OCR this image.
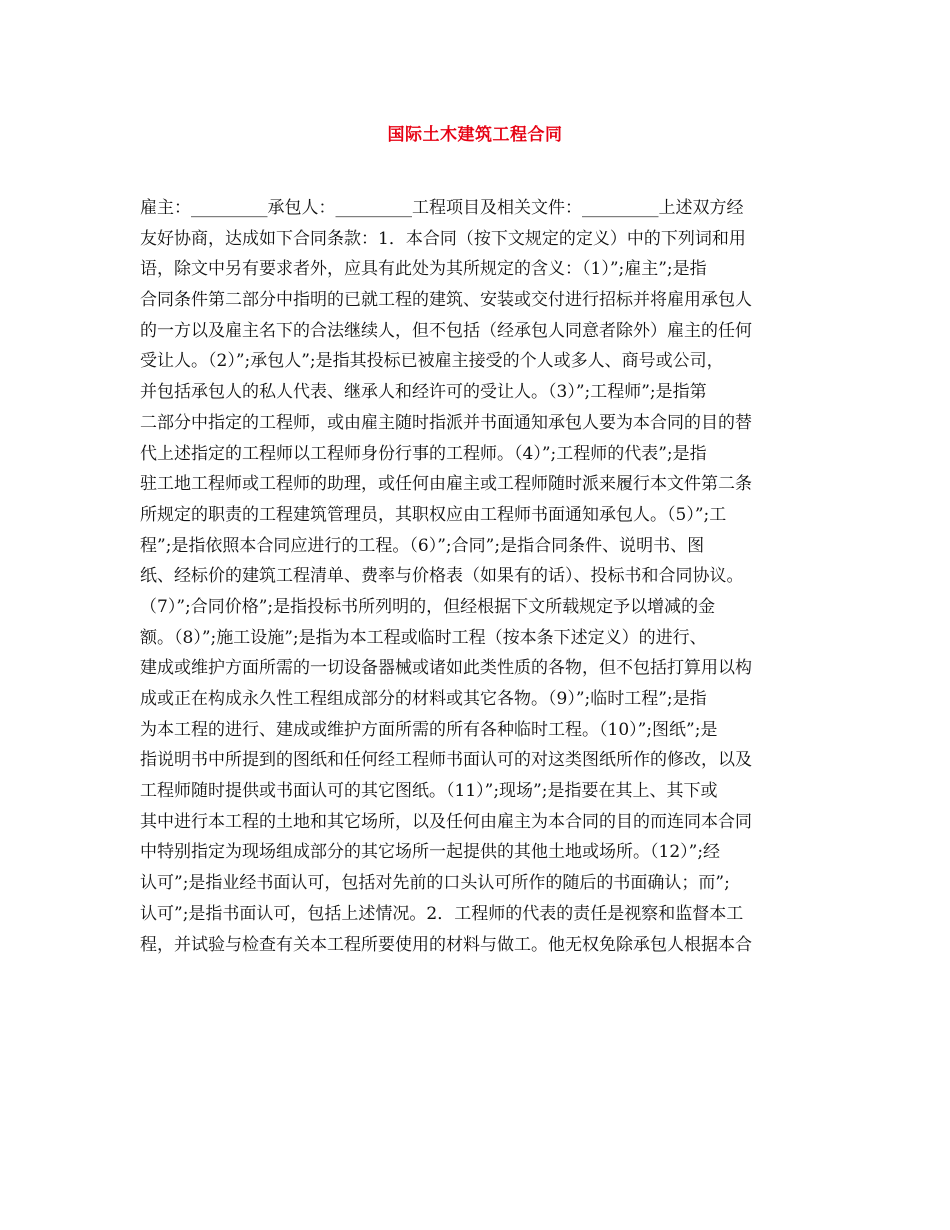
国际土木建筑工程合同
雇主：_________承包人：_________工程项目及相关文件：_________上述双方经
友好协商，达成如下合同条款：1．本合同（按下文规定的定义）中的下列词和用
语，除文中另有要求者外，应具有此处为其所规定的含义：（1）”;雇主”;是指
合同条件第二部分中指明的已就工程的建筑、安装或交付进行招标并将雇用承包人
的一方以及雇主名下的合法继续人，但不包括（经承包人同意者除外）雇主的任何
受让人。（2）”;承包人”;是指其投标已被雇主接受的个人或多人、商号或公司，
并包括承包人的私人代表、继承人和经许可的受让人。（3）”;工程师”;是指第
二部分中指定的工程师，或由雇主随时指派并书面通知承包人要为本合同的目的替
代上述指定的工程师以工程师身份行事的工程师。（4）”;工程师的代表”;是指
驻工地工程师或工程师的助理，或任何由雇主或工程师随时派来履行本文件第二条
所规定的职责的工程建筑管理员，其职权应由工程师书面通知承包人。（5）”;工
程”;是指依照本合同应进行的工程。（6）”;合同”;是指合同条件、说明书、图
纸、经标价的建筑工程清单、费率与价格表（如果有的话）、投标书和合同协议。
（7）”;合同价格”;是指投标书所列明的，但经根据下文所载规定予以增减的金
额。（8）”;施工设施”;是指为本工程或临时工程（按本条下述定义）的进行、
建成或维护方面所需的一切设备器械或诸如此类性质的各物，但不包括打算用以构
成或正在构成永久性工程组成部分的材料或其它各物。（9）”;临时工程”;是指
为本工程的进行、建成或维护方面所需的所有各种临时工程。（10）”;图纸”;是
指说明书中所提到的图纸和任何经工程师书面认可的对这类图纸所作的修改，以及
工程师随时提供或书面认可的其它图纸。（11）”;现场”;是指要在其上、其下或
其中进行本工程的土地和其它场所，以及任何由雇主为本合同的目的而连同本合同
中特别指定为现场组成部分的其它场所一起提供的其他土地或场所。（12）”;经
认可”;是指业经书面认可，包括对先前的口头认可所作的随后的书面确认；而”;
认可”;是指书面认可，包括上述情况。2．工程师的代表的责任是视察和监督本工
程，并试验与检查有关本工程所要使用的材料与做工。他无权免除承包人根据本合
